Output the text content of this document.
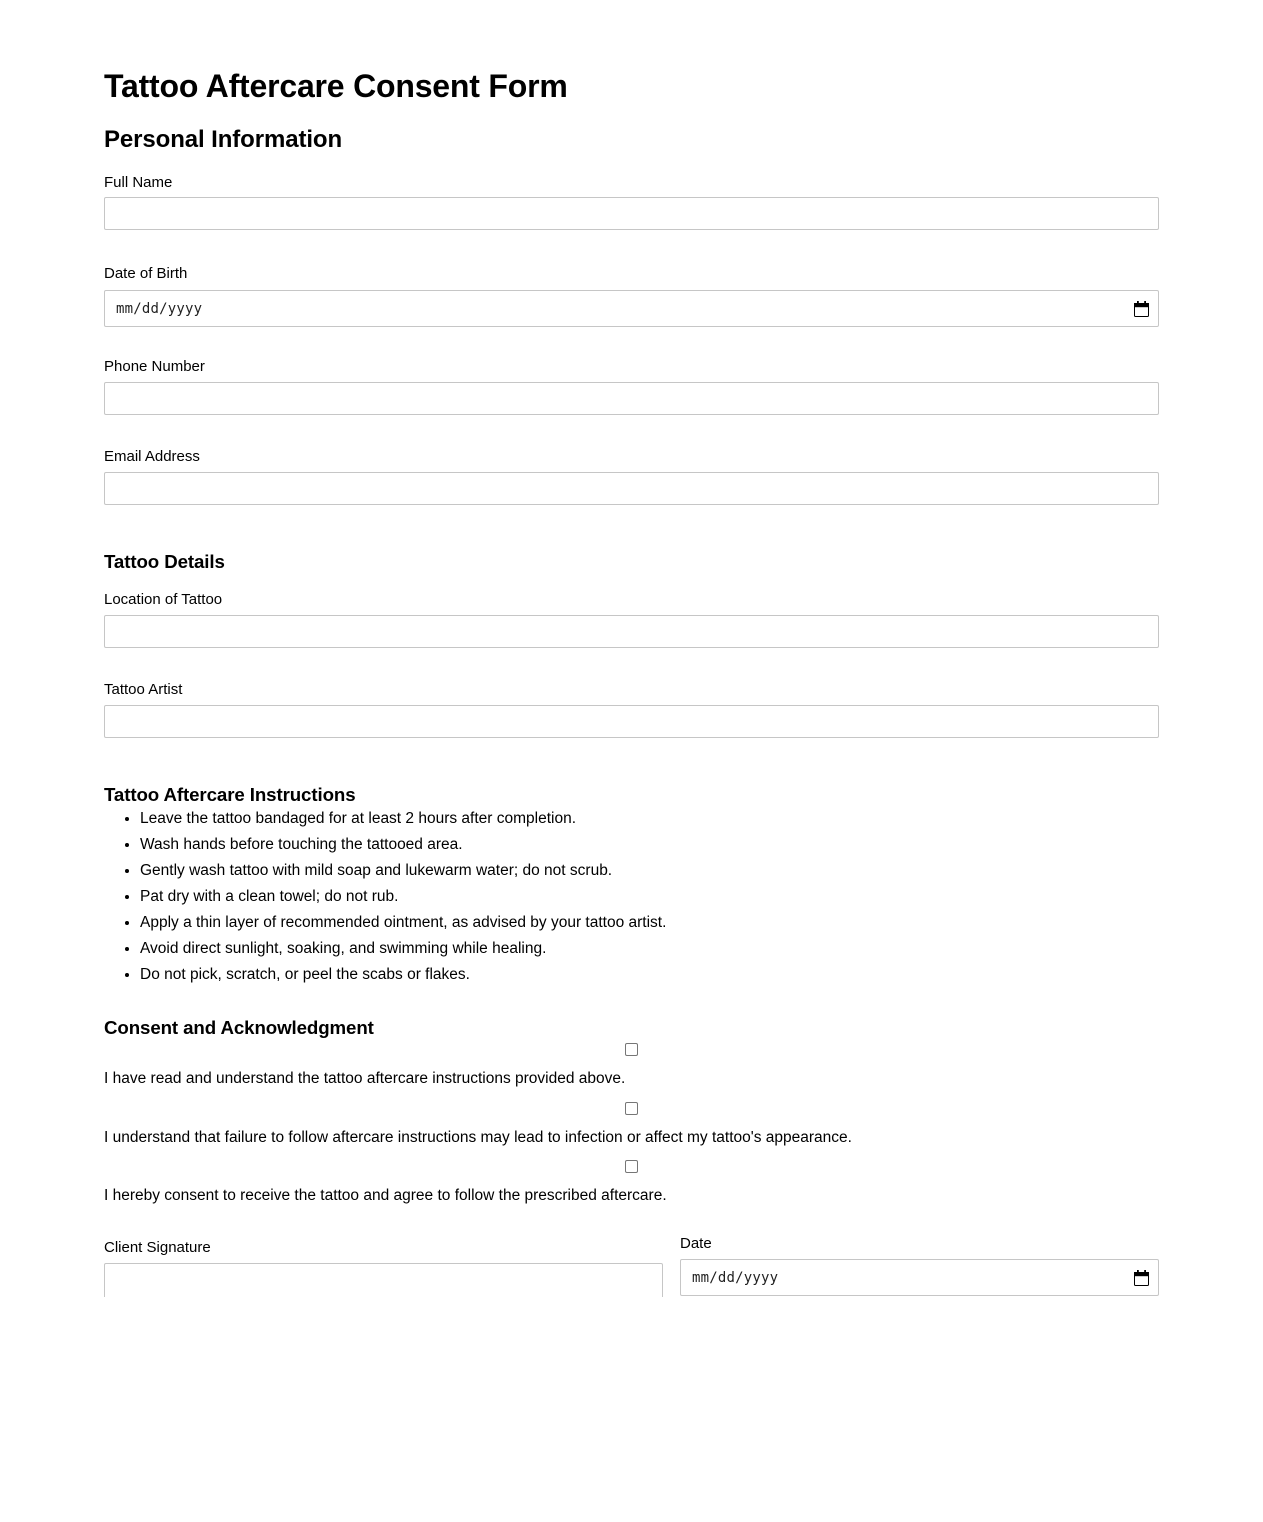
Tattoo Aftercare Consent Form
Personal Information
Full Name
Date of Birth
mm/dd/yyyy
Phone Number
Email Address
Tattoo Details
Location of Tattoo
Tattoo Artist
Tattoo Aftercare Instructions
• Leave the tattoo bandaged for at least 2 hours after completion.
• Wash hands before touching the tattooed area.
• Gently wash tattoo with mild soap and lukewarm water; do not scrub.
• Pat dry with a clean towel; do not rub.
• Apply a thin layer of recommended ointment, as advised by your tattoo artist.
• Avoid direct sunlight, soaking, and swimming while healing.
• Do not pick, scratch, or peel the scabs or flakes.
Consent and Acknowledgment
I have read and understand the tattoo aftercare instructions provided above.
I understand that failure to follow aftercare instructions may lead to infection or affect my tattoo's appearance.
I hereby consent to receive the tattoo and agree to follow the prescribed aftercare.
Client Signature	Date
mm/dd/yyyy
